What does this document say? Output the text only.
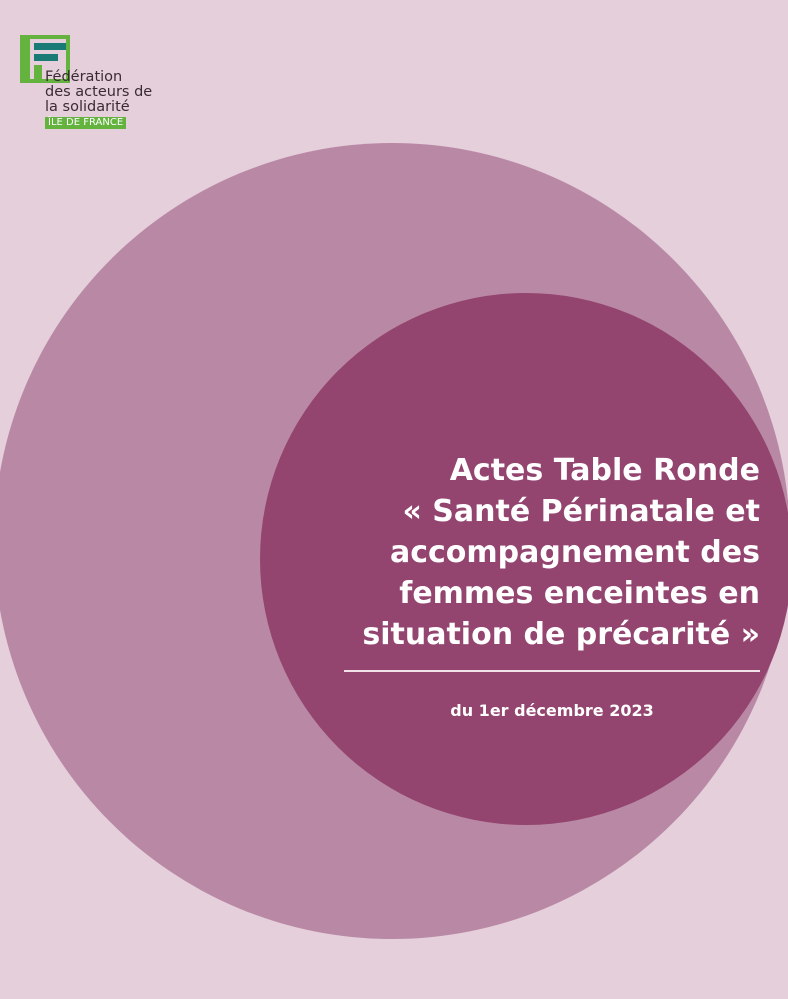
Fédération
des acteurs de
la solidarité
ÎLE DE FRANCE
Actes Table Ronde
« Santé Périnatale et
accompagnement des
femmes enceintes en
situation de précarité »
du 1er décembre 2023
